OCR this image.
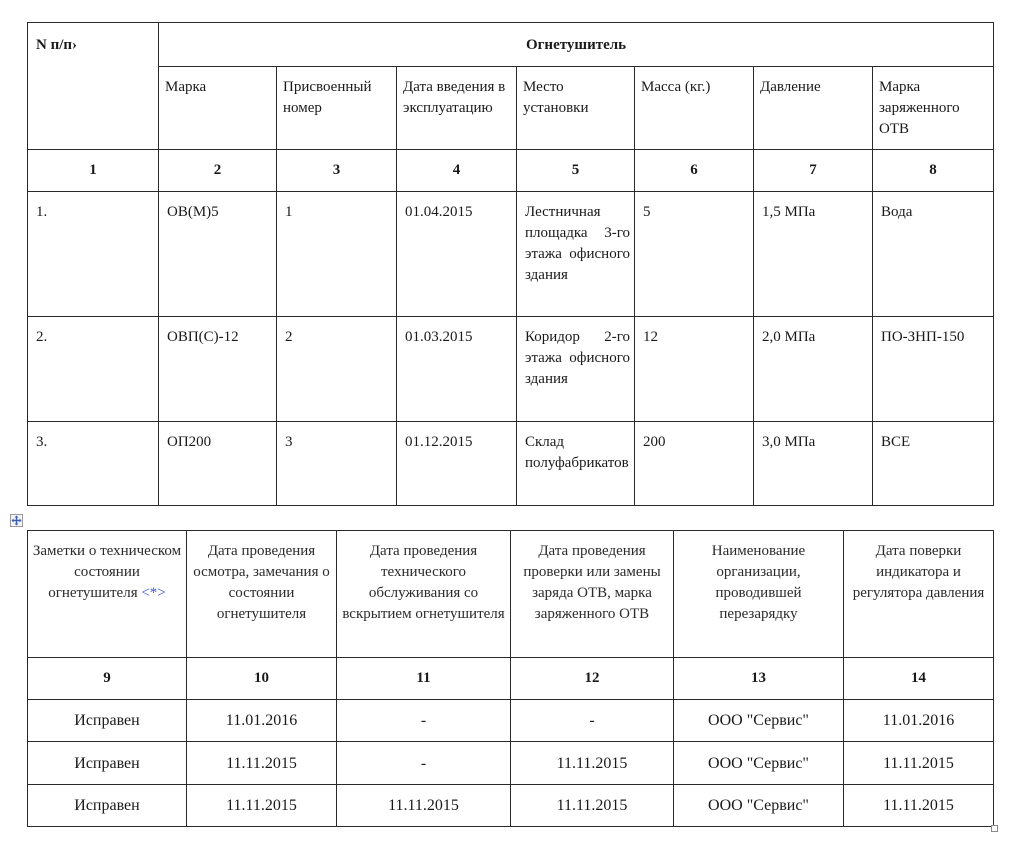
N п/п›	Огнетушитель						
	Марка	Присвоенный номер	Дата введения в эксплуатацию	Место установки	Масса (кг.)	Давление	Марка заряженного ОТВ
1	2	3	4	5	6	7	8
1.	ОВ(М)5	1	01.04.2015	Лестничная площадка 3-го этажа офисного здания	5	1,5 МПа	Вода
2.	ОВП(С)-12	2	01.03.2015	Коридор 2-го этажа офисного здания	12	2,0 МПа	ПО-ЗНП-150
3.	ОП200	3	01.12.2015	Склад полуфабрикатов	200	3,0 МПа	ВСЕ
Заметки о техническом состоянии огнетушителя <*>	Дата проведения осмотра, замечания о состоянии огнетушителя	Дата проведения технического обслуживания со вскрытием огнетушителя	Дата проведения проверки или замены заряда ОТВ, марка заряженного ОТВ	Наименование организации, проводившей перезарядку	Дата поверки индикатора и регулятора давления
9	10	11	12	13	14
Исправен	11.01.2016	-	-	ООО "Сервис"	11.01.2016
Исправен	11.11.2015	-	11.11.2015	ООО "Сервис"	11.11.2015
Исправен	11.11.2015	11.11.2015	11.11.2015	ООО "Сервис"	11.11.2015
